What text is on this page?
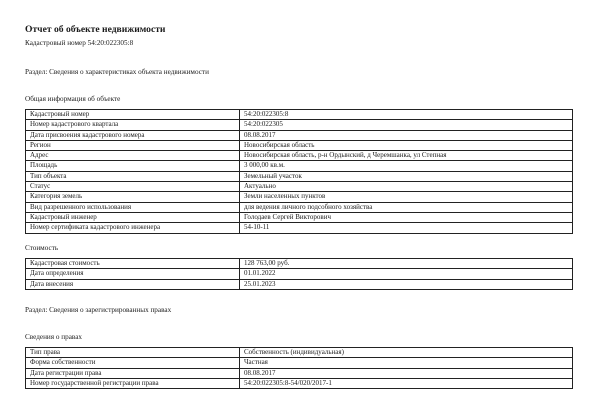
Отчет об объекте недвижимости
Кадастровый номер 54:20:022305:8
Раздел: Сведения о характеристиках объекта недвижимости
Общая информация об объекте
Кадастровый номер	54:20:022305:8
Номер кадастрового квартала	54:20:022305
Дата присвоения кадастрового номера	08.08.2017
Регион	Новосибирская область
Адрес	Новосибирская область, р-н Ордынский, д Черемшанка, ул Степная
Площадь	3 000,00 кв.м.
Тип объекта	Земельный участок
Статус	Актуально
Категория земель	Земли населенных пунктов
Вид разрешенного использования	для ведения личного подсобного хозяйства
Кадастровый инженер	Голодаев Сергей Викторович
Номер сертификата кадастрового инженера	54-10-11
Стоимость
Кадастровая стоимость	128 763,00 руб.
Дата определения	01.01.2022
Дата внесения	25.01.2023
Раздел: Сведения о зарегистрированных правах
Сведения о правах
Тип права	Собственность (индивидуальная)
Форма собственности	Частная
Дата регистрации права	08.08.2017
Номер государственной регистрации права	54:20:022305:8-54/020/2017-1
